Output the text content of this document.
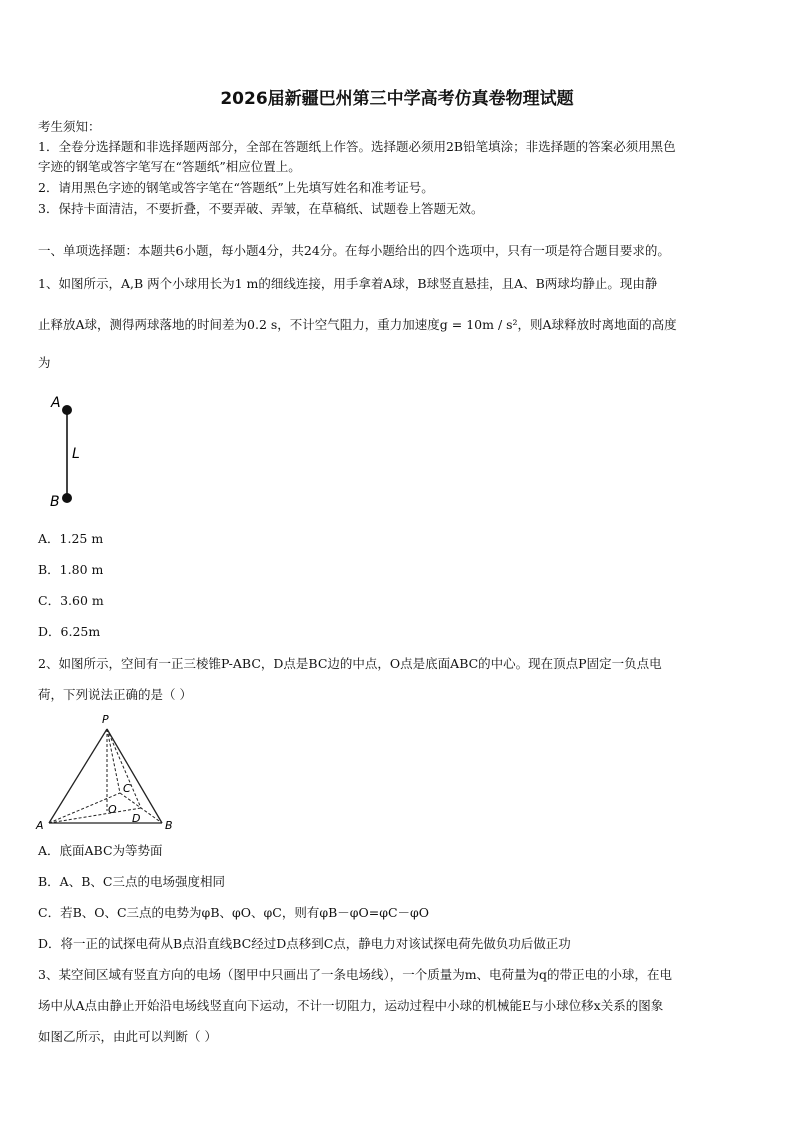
2026届新疆巴州第三中学高考仿真卷物理试题
考生须知：
1．全卷分选择题和非选择题两部分，全部在答题纸上作答。选择题必须用2B铅笔填涂；非选择题的答案必须用黑色
字迹的钢笔或答字笔写在“答题纸”相应位置上。
2．请用黑色字迹的钢笔或答字笔在“答题纸”上先填写姓名和准考证号。
3．保持卡面清洁，不要折叠，不要弄破、弄皱，在草稿纸、试题卷上答题无效。
一、单项选择题：本题共6小题，每小题4分，共24分。在每小题给出的四个选项中，只有一项是符合题目要求的。
1、如图所示，A,B 两个小球用长为1 m的细线连接，用手拿着A球，B球竖直悬挂，且A、B两球均静止。现由静
止释放A球，测得两球落地的时间差为0.2 s，不计空气阻力，重力加速度g = 10m / s²，则A球释放时离地面的高度
为
A
B
L
A．1.25 m
B．1.80 m
C．3.60 m
D．6.25m
2、如图所示，空间有一正三棱锥P-ABC，D点是BC边的中点，O点是底面ABC的中心。现在顶点P固定一负点电
荷，下列说法正确的是（ ）
P
A	B
C
O
D
A．底面ABC为等势面
B．A、B、C三点的电场强度相同
C．若B、O、C三点的电势为φB、φO、φC，则有φB－φO=φC－φO
D．将一正的试探电荷从B点沿直线BC经过D点移到C点，静电力对该试探电荷先做负功后做正功
3、某空间区域有竖直方向的电场（图甲中只画出了一条电场线），一个质量为m、电荷量为q的带正电的小球，在电
场中从A点由静止开始沿电场线竖直向下运动，不计一切阻力，运动过程中小球的机械能E与小球位移x关系的图象
如图乙所示，由此可以判断（ ）
